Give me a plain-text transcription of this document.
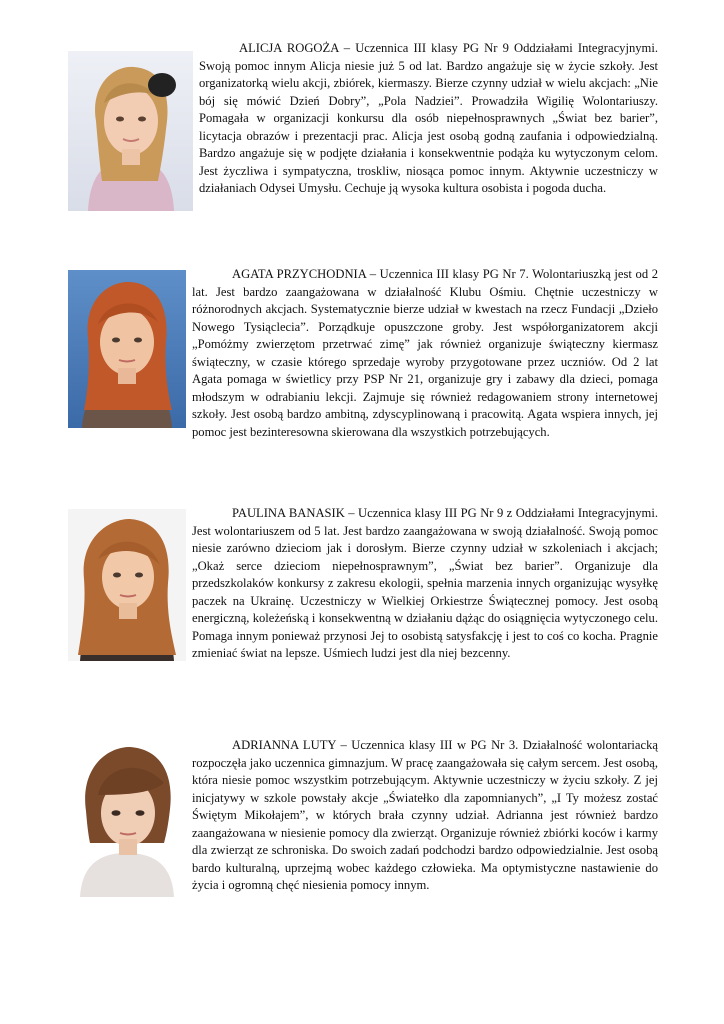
ALICJA ROGOŻA – Uczennica III klasy PG Nr 9 Oddziałami Integracyjnymi. Swoją pomoc innym Alicja niesie już 5 od lat. Bardzo angażuje się w życie szkoły. Jest organizatorką wielu akcji, zbiórek, kiermaszy. Bierze czynny udział w wielu akcjach: „Nie bój się mówić Dzień Dobry”, „Pola Nadziei”. Prowadziła Wigilię Wolontariuszy. Pomagała w organizacji konkursu dla osób niepełnosprawnych „Świat bez barier”, licytacja obrazów i prezentacji prac. Alicja jest osobą godną zaufania i odpowiedzialną. Bardzo angażuje się w podjęte działania i konsekwentnie podąża ku wytyczonym celom. Jest życzliwa i sympatyczna, troskliw, niosąca pomoc innym. Aktywnie uczestniczy w działaniach Odysei Umysłu. Cechuje ją wysoka kultura osobista i pogoda ducha.

AGATA PRZYCHODNIA – Uczennica III klasy PG Nr 7. Wolontariuszką jest od 2 lat. Jest bardzo zaangażowana w działalność Klubu Ośmiu. Chętnie uczestniczy w różnorodnych akcjach. Systematycznie bierze udział w kwestach na rzecz Fundacji „Dzieło Nowego Tysiąclecia”. Porządkuje opuszczone groby. Jest współorganizatorem akcji „Pomóżmy zwierzętom przetrwać zimę” jak również organizuje świąteczny kiermasz świąteczny, w czasie którego sprzedaje wyroby przygotowane przez uczniów. Od 2 lat Agata pomaga w świetlicy przy PSP Nr 21, organizuje gry i zabawy dla dzieci, pomaga młodszym w odrabianiu lekcji. Zajmuje się również redagowaniem strony internetowej szkoły. Jest osobą bardzo ambitną, zdyscyplinowaną i pracowitą. Agata wspiera innych, jej pomoc jest bezinteresowna skierowana dla wszystkich potrzebujących.

PAULINA BANASIK – Uczennica klasy III PG Nr 9 z Oddziałami Integracyjnymi. Jest wolontariuszem od 5 lat. Jest bardzo zaangażowana w swoją działalność. Swoją pomoc niesie zarówno dzieciom jak i dorosłym. Bierze czynny udział w szkoleniach i akcjach; „Okaż serce dzieciom niepełnosprawnym”, „Świat bez barier”. Organizuje dla przedszkolaków konkursy z zakresu ekologii, spełnia marzenia innych organizując wysyłkę paczek na Ukrainę. Uczestniczy w Wielkiej Orkiestrze Świątecznej pomocy. Jest osobą energiczną, koleżeńską i konsekwentną w działaniu dążąc do osiągnięcia wytyczonego celu. Pomaga innym ponieważ przynosi Jej to osobistą satysfakcję i jest to coś co kocha. Pragnie zmieniać świat na lepsze. Uśmiech ludzi jest dla niej bezcenny.

ADRIANNA LUTY – Uczennica klasy III w PG Nr 3. Działalność wolontariacką rozpoczęła jako uczennica gimnazjum. W pracę zaangażowała się całym sercem. Jest osobą, która niesie pomoc wszystkim potrzebującym. Aktywnie uczestniczy w życiu szkoły. Z jej inicjatywy w szkole powstały akcje „Światełko dla zapomnianych”, „I Ty możesz zostać Świętym Mikołajem”, w których brała czynny udział. Adrianna jest również bardzo zaangażowana w niesienie pomocy dla zwierząt. Organizuje również zbiórki koców i karmy dla zwierząt ze schroniska. Do swoich zadań podchodzi bardzo odpowiedzialnie. Jest osobą bardo kulturalną, uprzejmą wobec każdego człowieka. Ma optymistyczne nastawienie do życia i ogromną chęć niesienia pomocy innym.
